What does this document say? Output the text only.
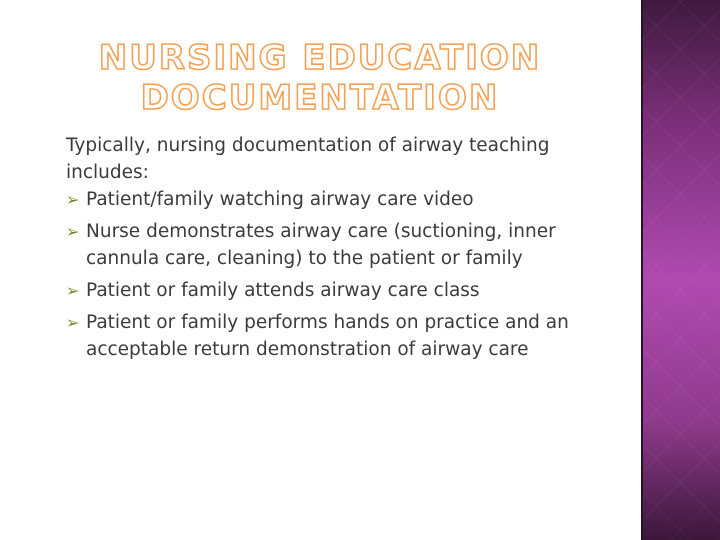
NURSING EDUCATION
DOCUMENTATION

Typically, nursing documentation of airway teaching includes:

➢ Patient/family watching airway care video
➢ Nurse demonstrates airway care (suctioning, inner cannula care, cleaning) to the patient or family
➢ Patient or family attends airway care class
➢ Patient or family performs hands on practice and an acceptable return demonstration of airway care
